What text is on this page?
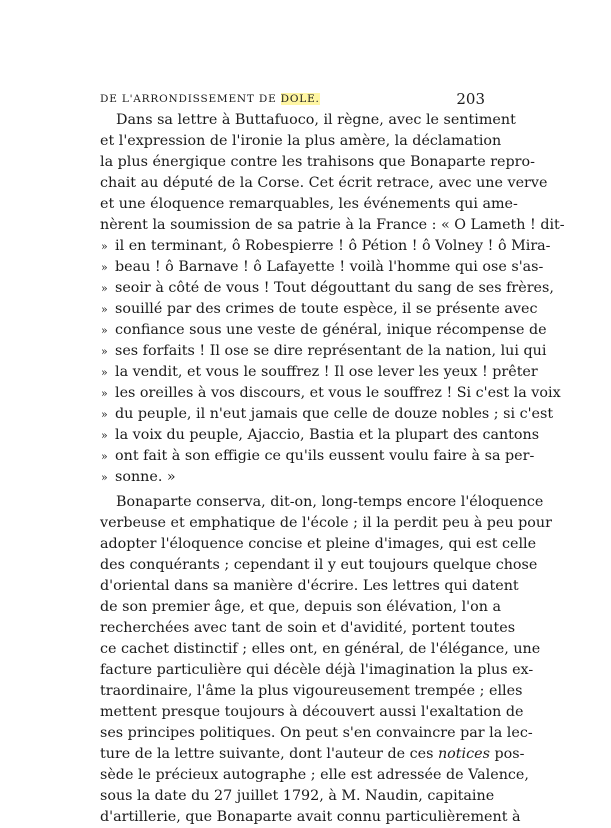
DE L'ARRONDISSEMENT DE DOLE.	203
Dans sa lettre à Buttafuoco, il règne, avec le sentiment
et l'expression de l'ironie la plus amère, la déclamation
la plus énergique contre les trahisons que Bonaparte repro-
chait au député de la Corse. Cet écrit retrace, avec une verve
et une éloquence remarquables, les événements qui ame-
nèrent la soumission de sa patrie à la France : « O Lameth ! dit-
» il en terminant, ô Robespierre ! ô Pétion ! ô Volney ! ô Mira-
» beau ! ô Barnave ! ô Lafayette ! voilà l'homme qui ose s'as-
» seoir à côté de vous ! Tout dégouttant du sang de ses frères,
» souillé par des crimes de toute espèce, il se présente avec
» confiance sous une veste de général, inique récompense de
» ses forfaits ! Il ose se dire représentant de la nation, lui qui
» la vendit, et vous le souffrez ! Il ose lever les yeux ! prêter
» les oreilles à vos discours, et vous le souffrez ! Si c'est la voix
» du peuple, il n'eut jamais que celle de douze nobles ; si c'est
» la voix du peuple, Ajaccio, Bastia et la plupart des cantons
» ont fait à son effigie ce qu'ils eussent voulu faire à sa per-
» sonne. »
Bonaparte conserva, dit-on, long-temps encore l'éloquence
verbeuse et emphatique de l'école ; il la perdit peu à peu pour
adopter l'éloquence concise et pleine d'images, qui est celle
des conquérants ; cependant il y eut toujours quelque chose
d'oriental dans sa manière d'écrire. Les lettres qui datent
de son premier âge, et que, depuis son élévation, l'on a
recherchées avec tant de soin et d'avidité, portent toutes
ce cachet distinctif ; elles ont, en général, de l'élégance, une
facture particulière qui décèle déjà l'imagination la plus ex-
traordinaire, l'âme la plus vigoureusement trempée ; elles
mettent presque toujours à découvert aussi l'exaltation de
ses principes politiques. On peut s'en convaincre par la lec-
ture de la lettre suivante, dont l'auteur de ces notices pos-
sède le précieux autographe ; elle est adressée de Valence,
sous la date du 27 juillet 1792, à M. Naudin, capitaine
d'artillerie, que Bonaparte avait connu particulièrement à
